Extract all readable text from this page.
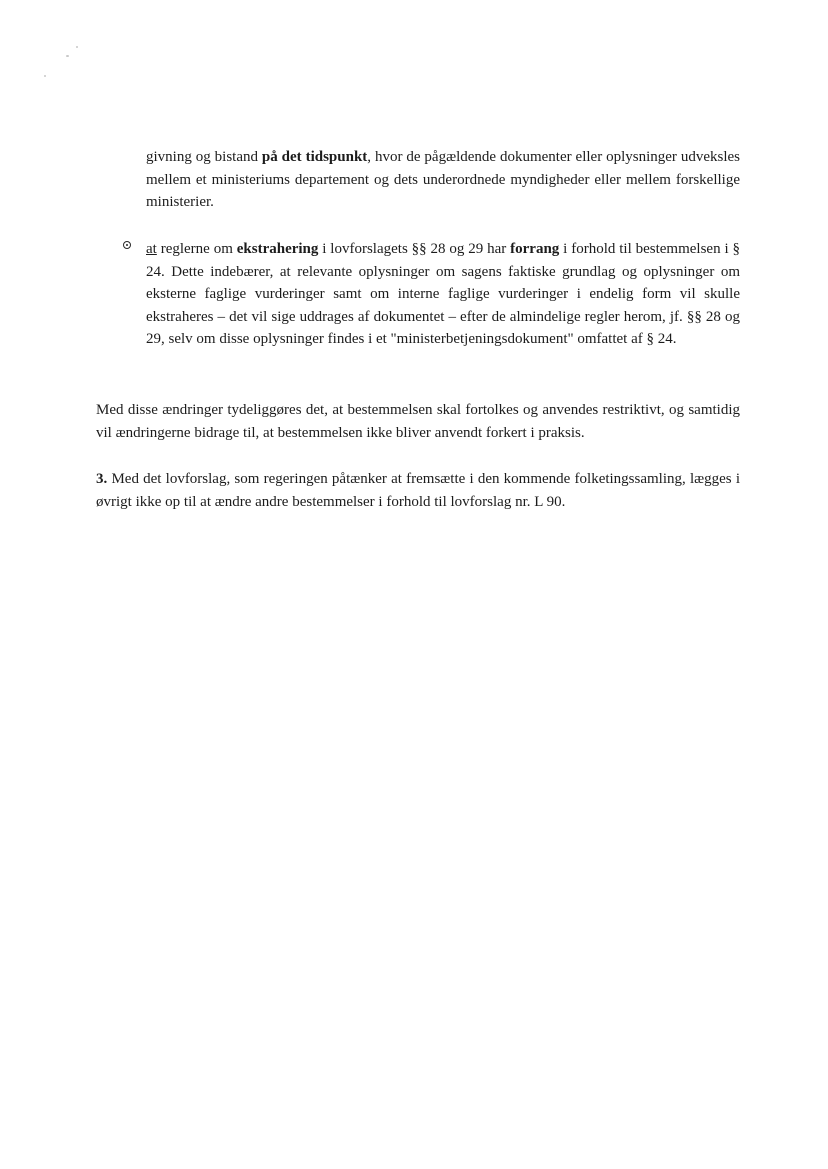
givning og bistand på det tidspunkt, hvor de pågældende dokumenter eller oplysninger udveksles mellem et ministeriums departement og dets underordnede myndigheder eller mellem forskellige ministerier.

at reglerne om ekstrahering i lovforslagets §§ 28 og 29 har forrang i forhold til bestemmelsen i § 24. Dette indebærer, at relevante oplysninger om sagens faktiske grundlag og oplysninger om eksterne faglige vurderinger samt om interne faglige vurderinger i endelig form vil skulle ekstraheres – det vil sige uddrages af dokumentet – efter de almindelige regler herom, jf. §§ 28 og 29, selv om disse oplysninger findes i et "ministerbetjeningsdokument" omfattet af § 24.

Med disse ændringer tydeliggøres det, at bestemmelsen skal fortolkes og anvendes restriktivt, og samtidig vil ændringerne bidrage til, at bestemmelsen ikke bliver anvendt forkert i praksis.

3. Med det lovforslag, som regeringen påtænker at fremsætte i den kommende folketingssamling, lægges i øvrigt ikke op til at ændre andre bestemmelser i forhold til lovforslag nr. L 90.
